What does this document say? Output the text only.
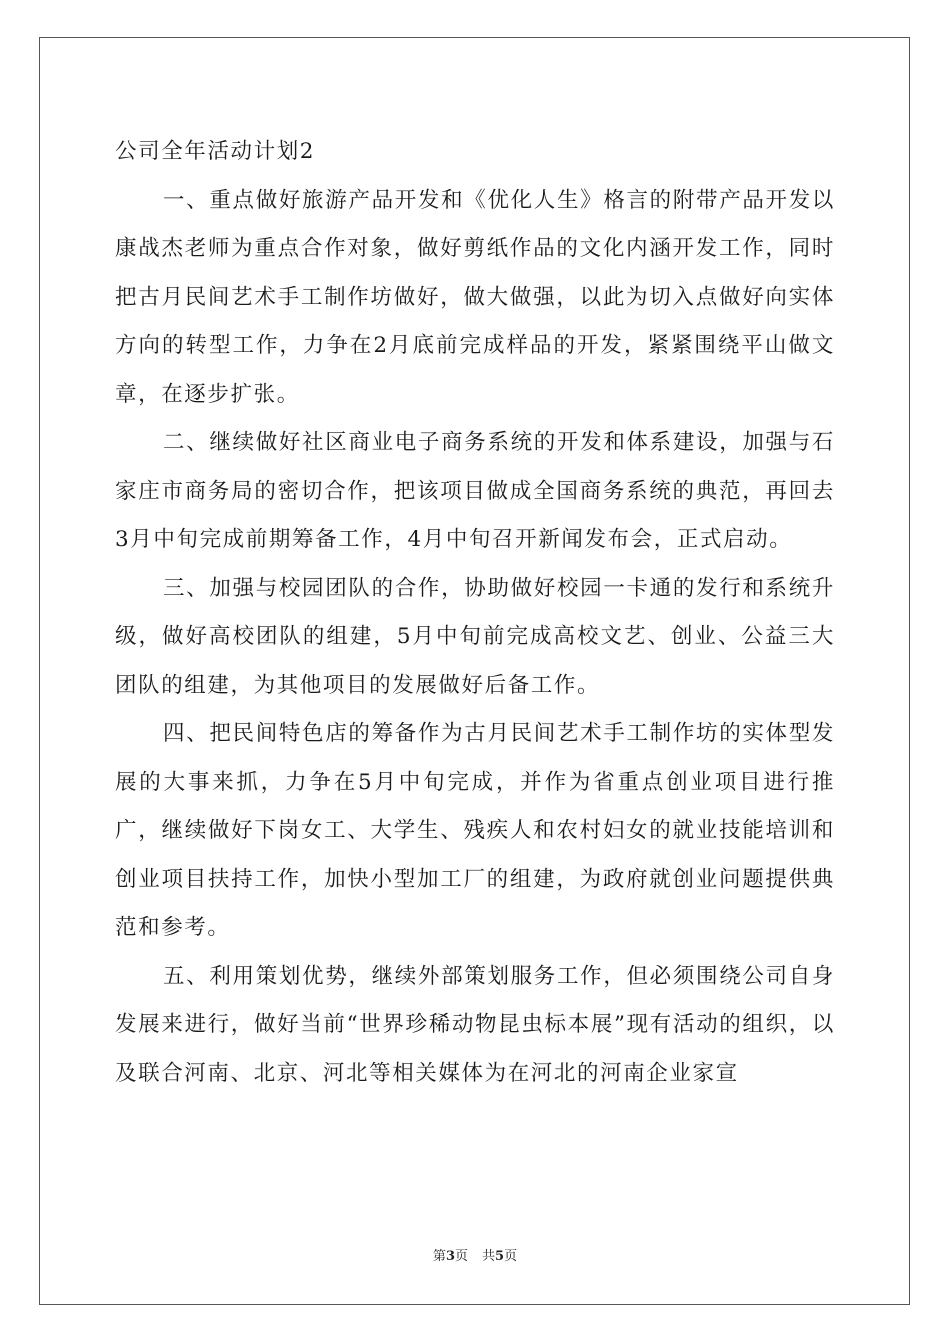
公司全年活动计划2

一、重点做好旅游产品开发和《优化人生》格言的附带产品开发以康战杰老师为重点合作对象，做好剪纸作品的文化内涵开发工作，同时把古月民间艺术手工制作坊做好，做大做强，以此为切入点做好向实体方向的转型工作，力争在2月底前完成样品的开发，紧紧围绕平山做文章，在逐步扩张。

二、继续做好社区商业电子商务系统的开发和体系建设，加强与石家庄市商务局的密切合作，把该项目做成全国商务系统的典范，再回去3月中旬完成前期筹备工作，4月中旬召开新闻发布会，正式启动。

三、加强与校园团队的合作，协助做好校园一卡通的发行和系统升级，做好高校团队的组建，5月中旬前完成高校文艺、创业、公益三大团队的组建，为其他项目的发展做好后备工作。

四、把民间特色店的筹备作为古月民间艺术手工制作坊的实体型发展的大事来抓，力争在5月中旬完成，并作为省重点创业项目进行推广，继续做好下岗女工、大学生、残疾人和农村妇女的就业技能培训和创业项目扶持工作，加快小型加工厂的组建，为政府就创业问题提供典范和参考。

五、利用策划优势，继续外部策划服务工作，但必须围绕公司自身发展来进行，做好当前“世界珍稀动物昆虫标本展”现有活动的组织，以及联合河南、北京、河北等相关媒体为在河北的河南企业家宣

第3页 共5页
